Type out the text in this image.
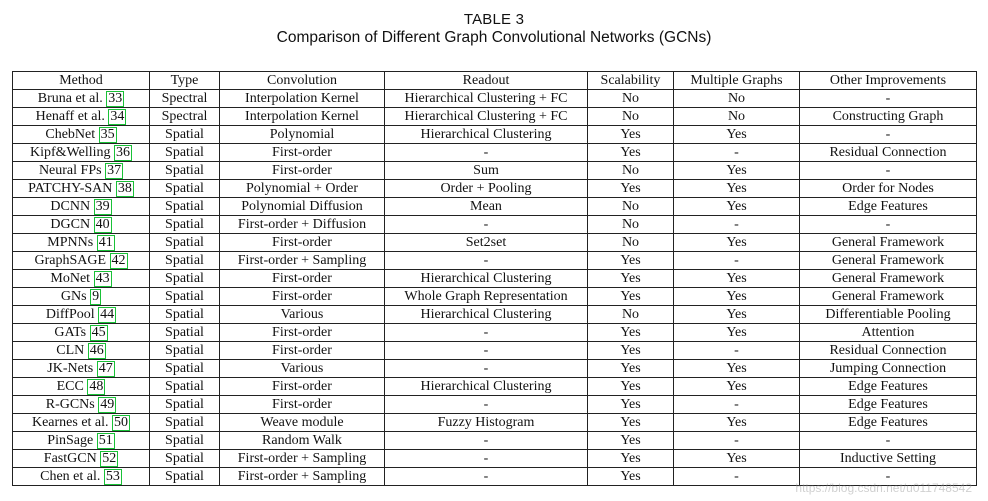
TABLE 3
Comparison of Different Graph Convolutional Networks (GCNs)
Method	Type	Convolution	Readout	Scalability	Multiple Graphs	Other Improvements
Bruna et al. 33	Spectral	Interpolation Kernel	Hierarchical Clustering + FC	No	No	-
Henaff et al. 34	Spectral	Interpolation Kernel	Hierarchical Clustering + FC	No	No	Constructing Graph
ChebNet 35	Spatial	Polynomial	Hierarchical Clustering	Yes	Yes	-
Kipf&Welling 36	Spatial	First-order	-	Yes	-	Residual Connection
Neural FPs 37	Spatial	First-order	Sum	No	Yes	-
PATCHY-SAN 38	Spatial	Polynomial + Order	Order + Pooling	Yes	Yes	Order for Nodes
DCNN 39	Spatial	Polynomial Diffusion	Mean	No	Yes	Edge Features
DGCN 40	Spatial	First-order + Diffusion	-	No	-	-
MPNNs 41	Spatial	First-order	Set2set	No	Yes	General Framework
GraphSAGE 42	Spatial	First-order + Sampling	-	Yes	-	General Framework
MoNet 43	Spatial	First-order	Hierarchical Clustering	Yes	Yes	General Framework
GNs 9	Spatial	First-order	Whole Graph Representation	Yes	Yes	General Framework
DiffPool 44	Spatial	Various	Hierarchical Clustering	No	Yes	Differentiable Pooling
GATs 45	Spatial	First-order	-	Yes	Yes	Attention
CLN 46	Spatial	First-order	-	Yes	-	Residual Connection
JK-Nets 47	Spatial	Various	-	Yes	Yes	Jumping Connection
ECC 48	Spatial	First-order	Hierarchical Clustering	Yes	Yes	Edge Features
R-GCNs 49	Spatial	First-order	-	Yes	-	Edge Features
Kearnes et al. 50	Spatial	Weave module	Fuzzy Histogram	Yes	Yes	Edge Features
PinSage 51	Spatial	Random Walk	-	Yes	-	-
FastGCN 52	Spatial	First-order + Sampling	-	Yes	Yes	Inductive Setting
Chen et al. 53	Spatial	First-order + Sampling	-	Yes	-	-
https://blog.csdn.net/u011748542
